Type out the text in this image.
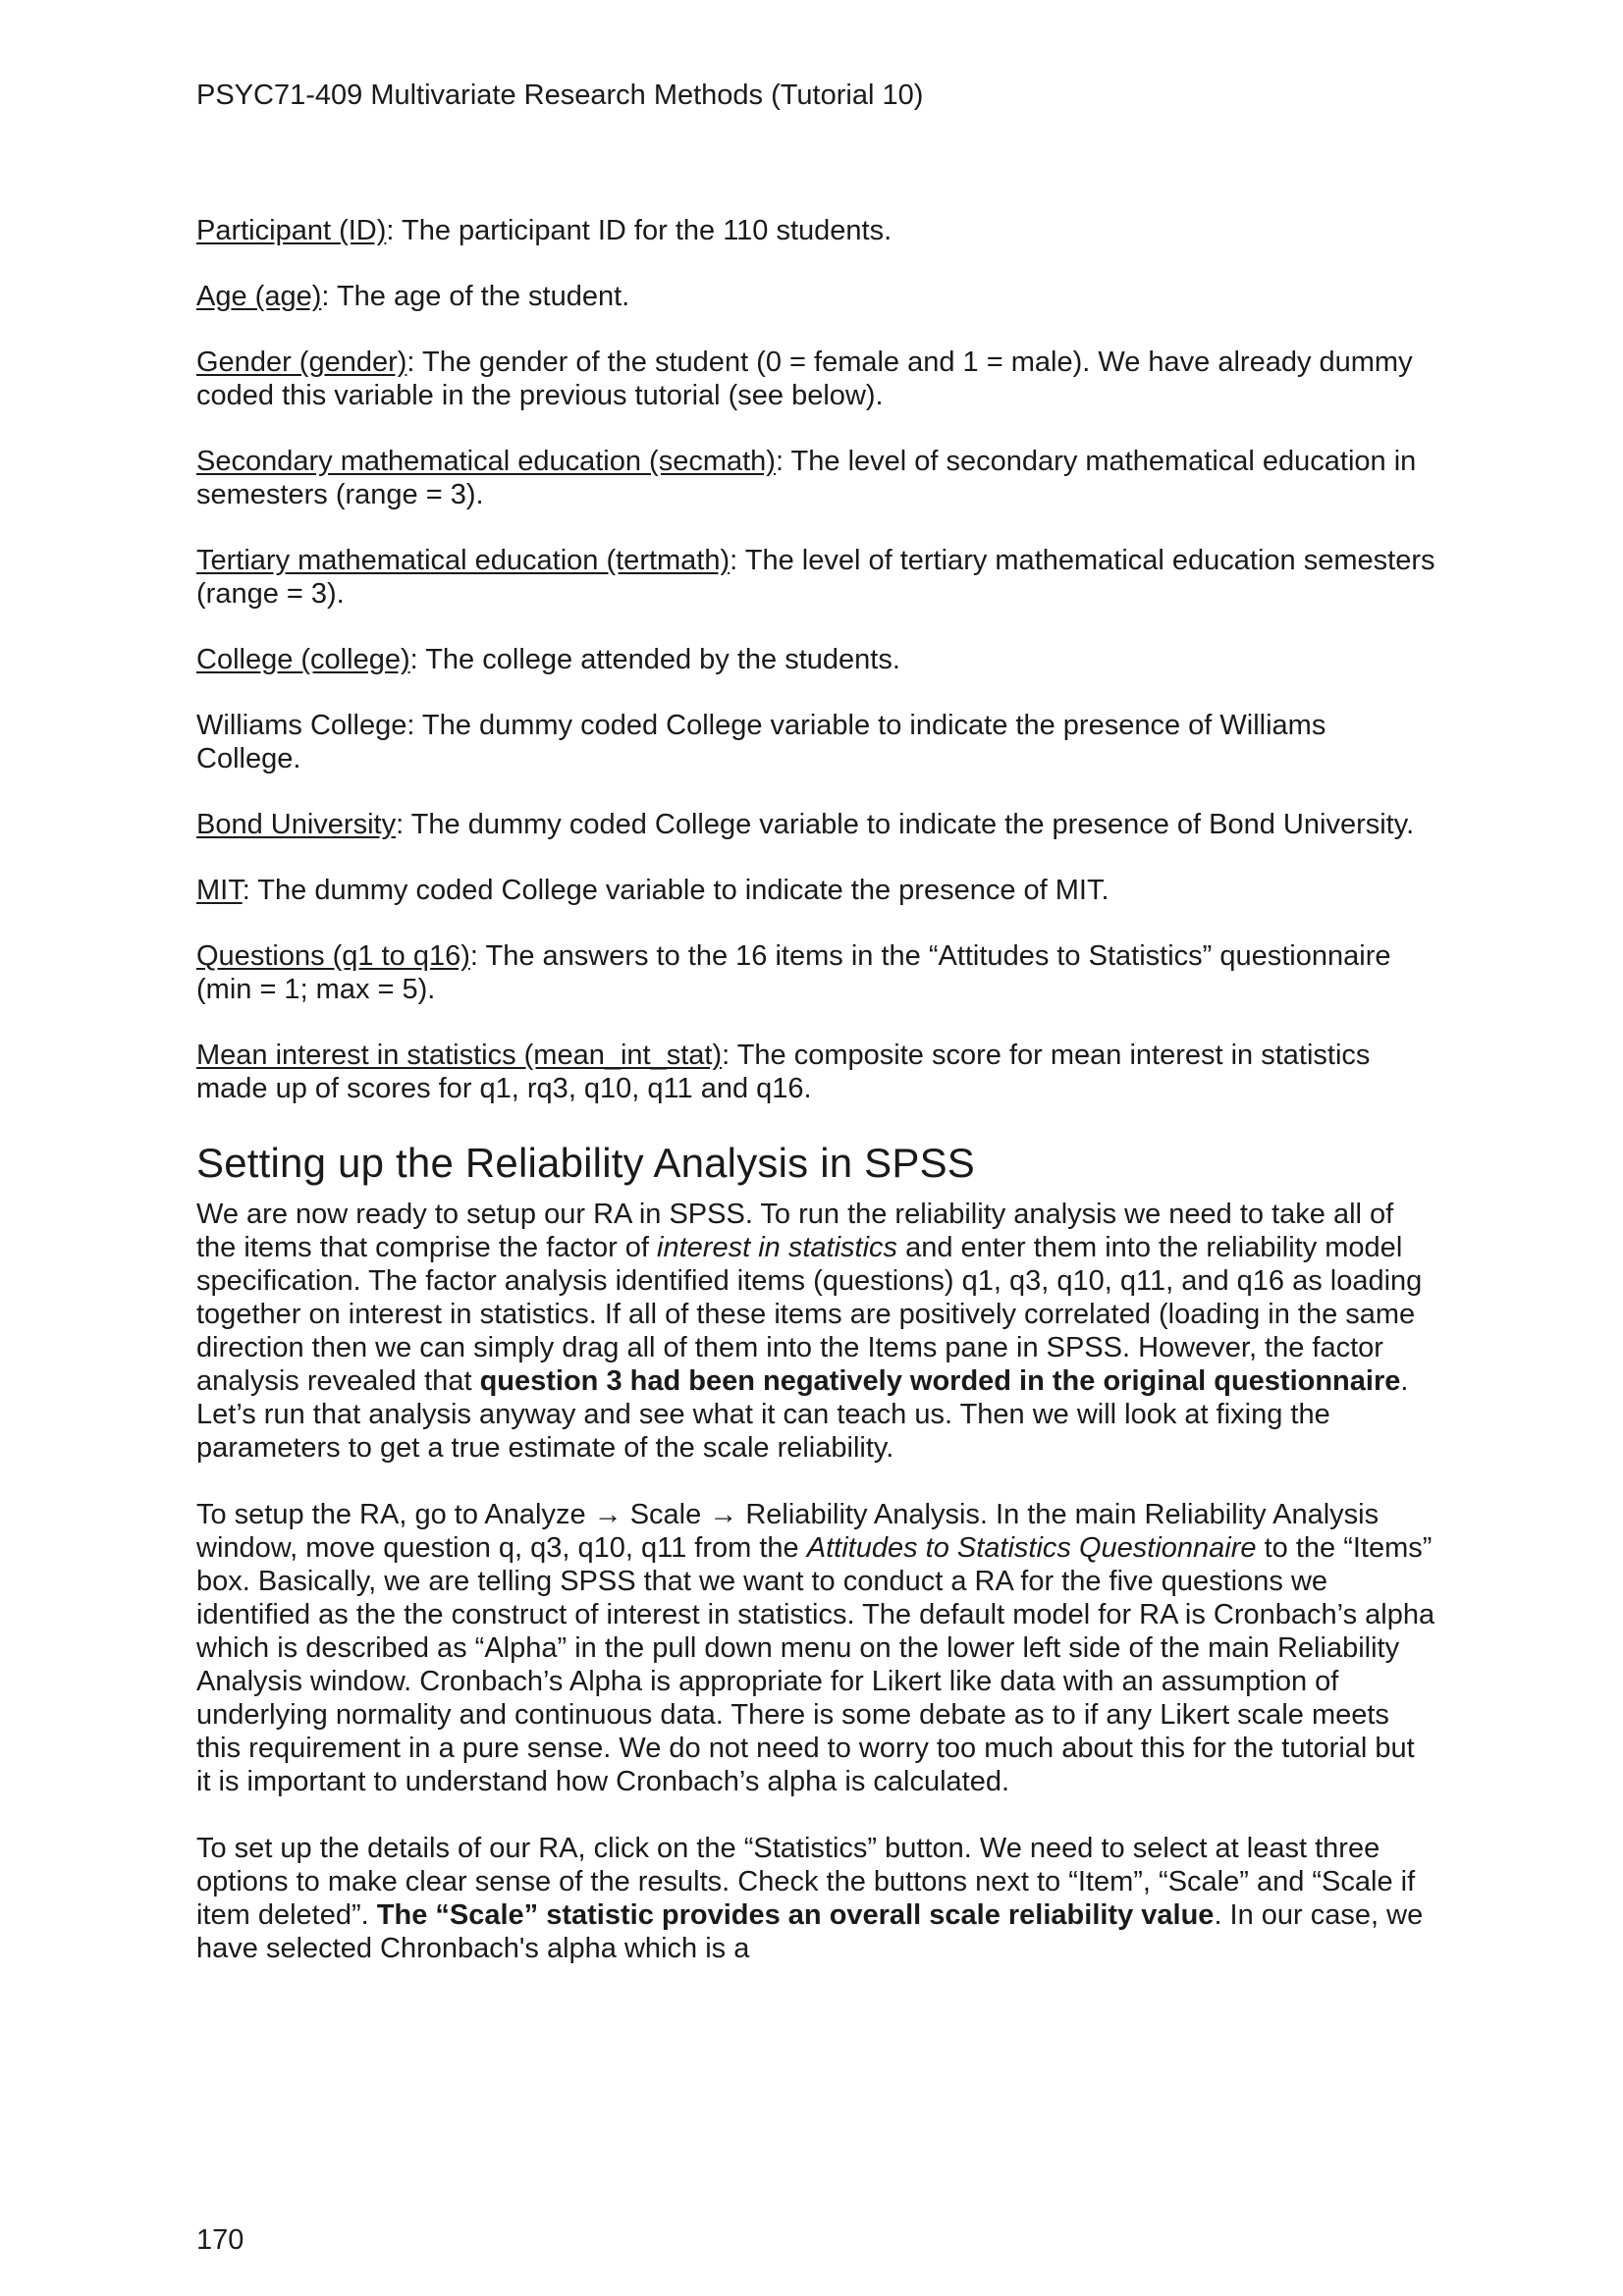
PSYC71-409 Multivariate Research Methods (Tutorial 10)

Participant (ID): The participant ID for the 110 students.

Age (age): The age of the student.

Gender (gender): The gender of the student (0 = female and 1 = male). We have already dummy coded this variable in the previous tutorial (see below).

Secondary mathematical education (secmath): The level of secondary mathematical education in semesters (range = 3).

Tertiary mathematical education (tertmath): The level of tertiary mathematical education semesters (range = 3).

College (college): The college attended by the students.

Williams College: The dummy coded College variable to indicate the presence of Williams College.

Bond University: The dummy coded College variable to indicate the presence of Bond University.

MIT: The dummy coded College variable to indicate the presence of MIT.

Questions (q1 to q16): The answers to the 16 items in the “Attitudes to Statistics” questionnaire (min = 1; max = 5).

Mean interest in statistics (mean_int_stat): The composite score for mean interest in statistics made up of scores for q1, rq3, q10, q11 and q16.

Setting up the Reliability Analysis in SPSS

We are now ready to setup our RA in SPSS. To run the reliability analysis we need to take all of the items that comprise the factor of interest in statistics and enter them into the reliability model specification. The factor analysis identified items (questions) q1, q3, q10, q11, and q16 as loading together on interest in statistics. If all of these items are positively correlated (loading in the same direction then we can simply drag all of them into the Items pane in SPSS. However, the factor analysis revealed that question 3 had been negatively worded in the original questionnaire. Let’s run that analysis anyway and see what it can teach us. Then we will look at fixing the parameters to get a true estimate of the scale reliability.

To setup the RA, go to Analyze → Scale → Reliability Analysis. In the main Reliability Analysis window, move question q, q3, q10, q11 from the Attitudes to Statistics Questionnaire to the “Items” box. Basically, we are telling SPSS that we want to conduct a RA for the five questions we identified as the the construct of interest in statistics. The default model for RA is Cronbach’s alpha which is described as “Alpha” in the pull down menu on the lower left side of the main Reliability Analysis window. Cronbach’s Alpha is appropriate for Likert like data with an assumption of underlying normality and continuous data. There is some debate as to if any Likert scale meets this requirement in a pure sense. We do not need to worry too much about this for the tutorial but it is important to understand how Cronbach’s alpha is calculated.

To set up the details of our RA, click on the “Statistics” button. We need to select at least three options to make clear sense of the results. Check the buttons next to “Item”, “Scale” and “Scale if item deleted”. The “Scale” statistic provides an overall scale reliability value. In our case, we have selected Chronbach's alpha which is a

170
